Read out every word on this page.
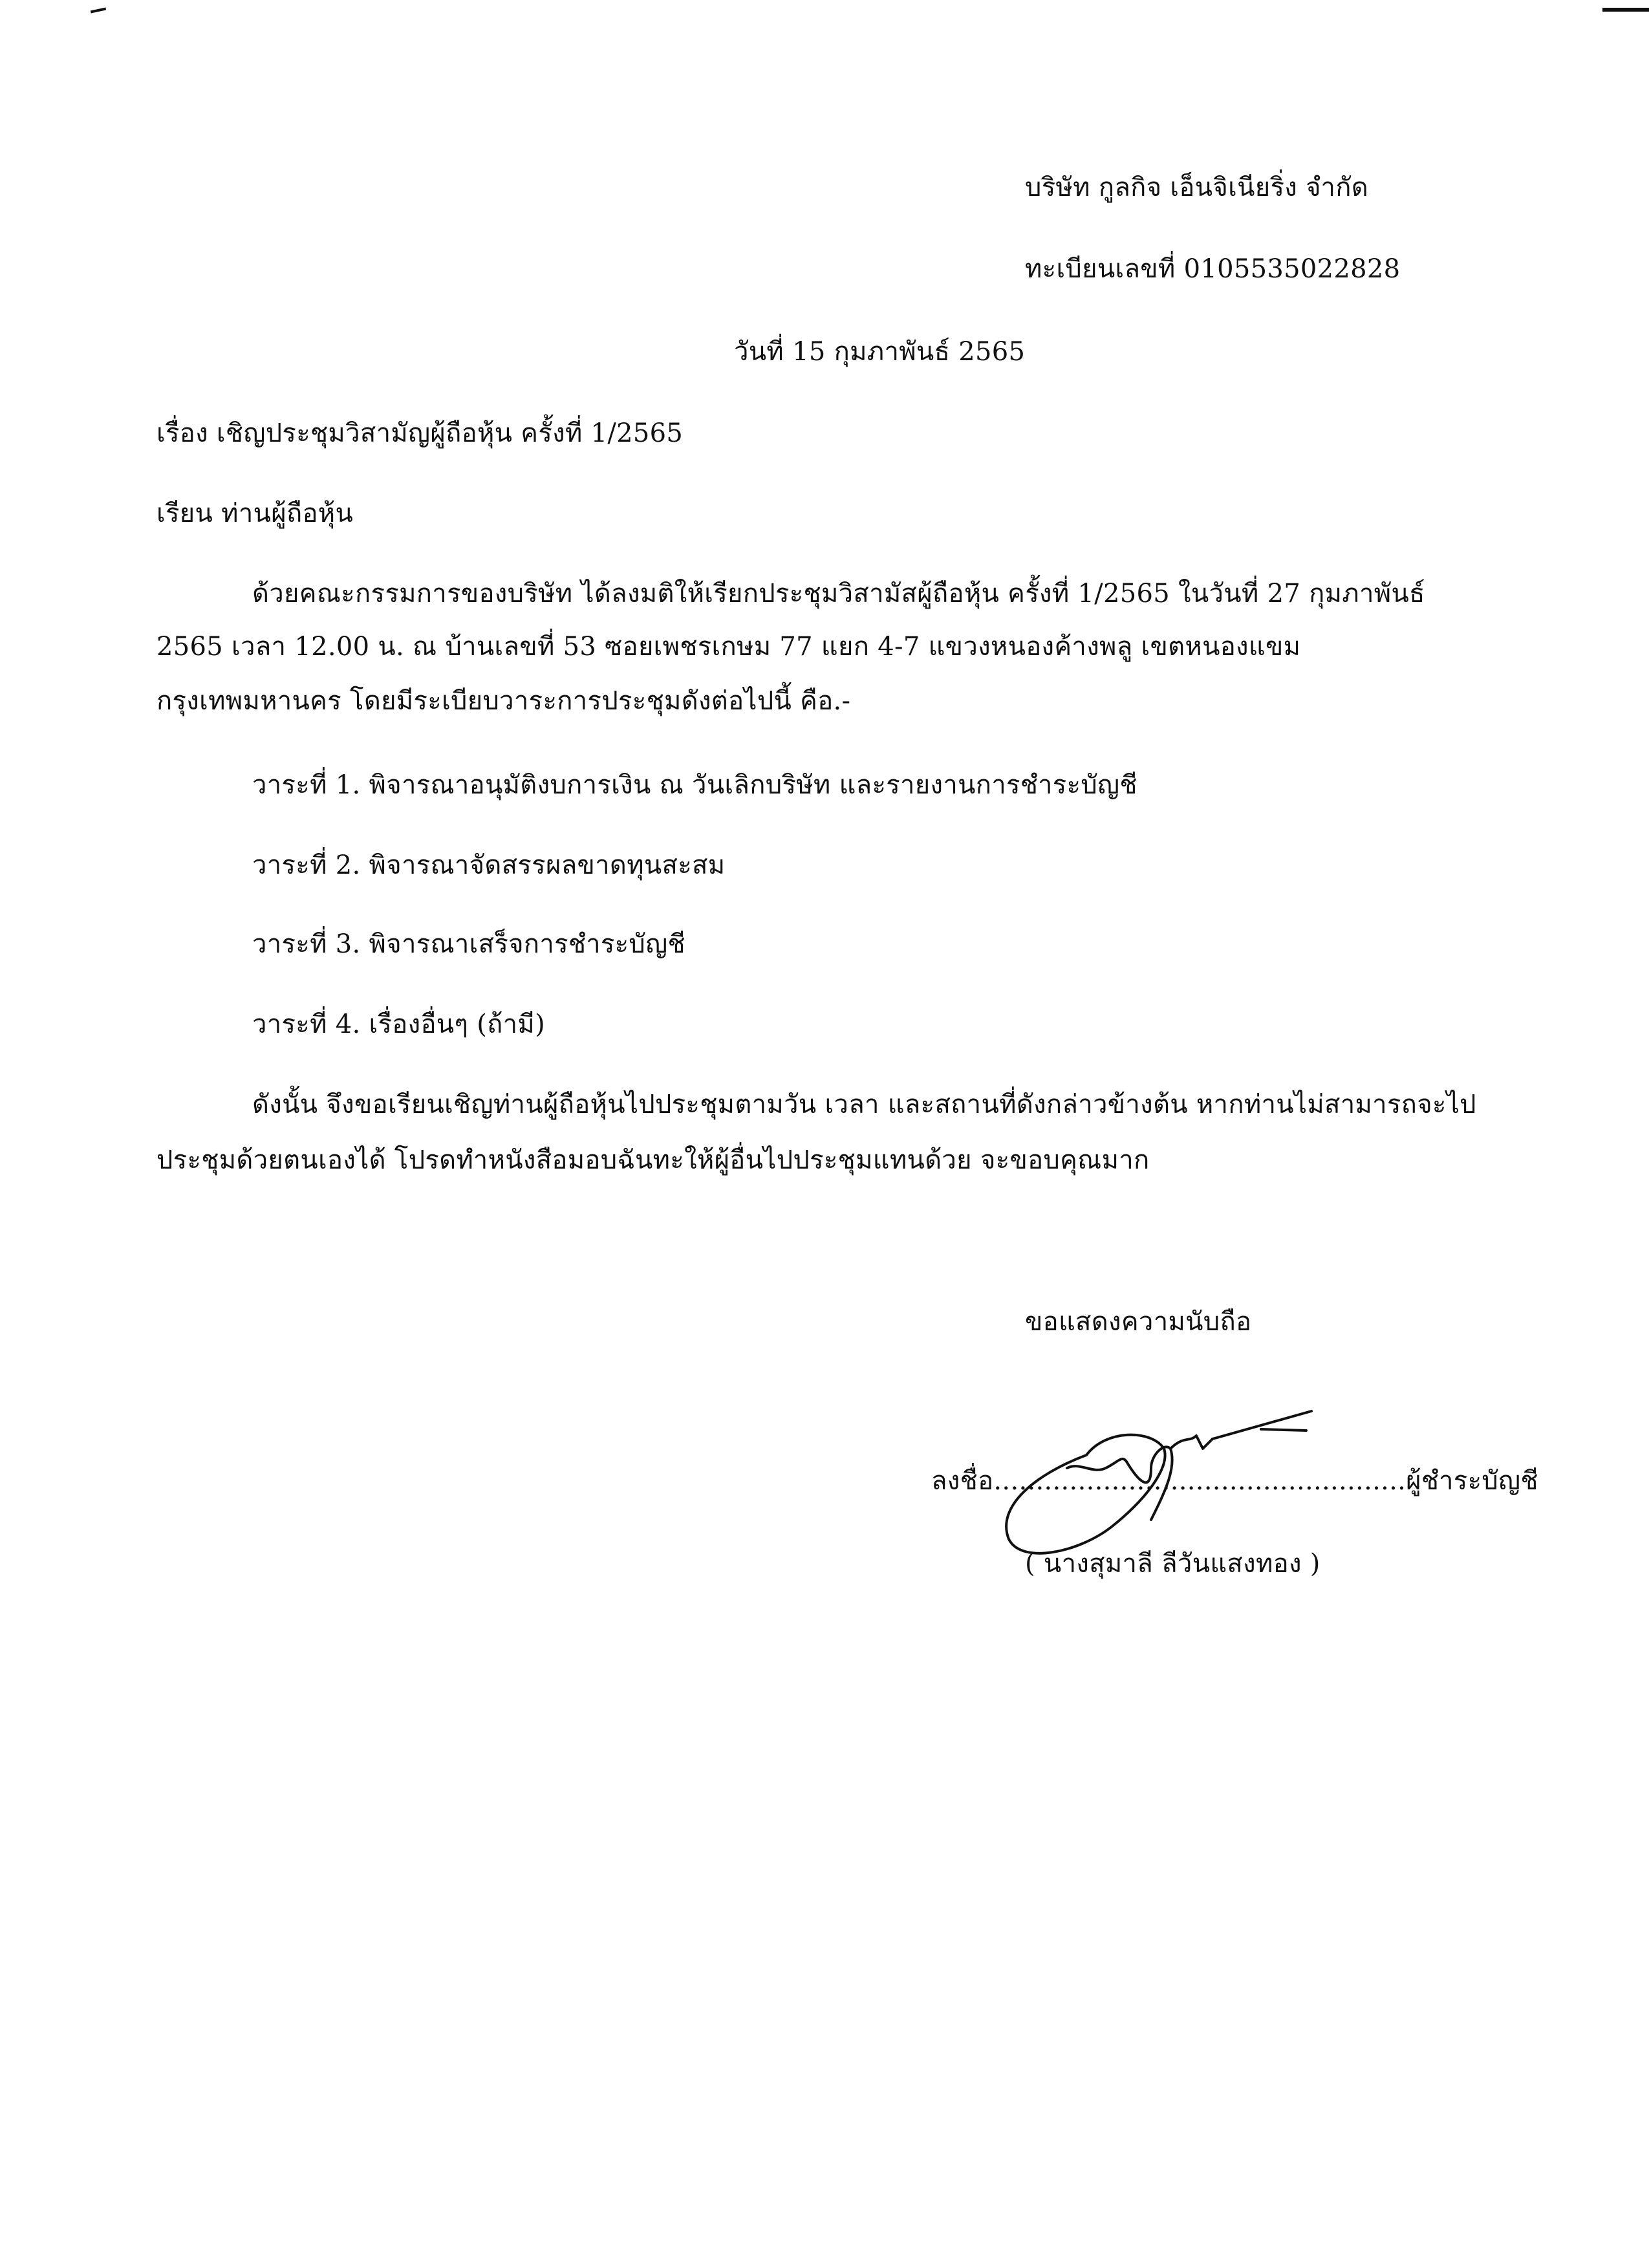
บริษัท กูลกิจ เอ็นจิเนียริ่ง จำกัด
ทะเบียนเลขที่ 0105535022828
วันที่ 15 กุมภาพันธ์ 2565
เรื่อง เชิญประชุมวิสามัญผู้ถือหุ้น ครั้งที่ 1/2565
เรียน ท่านผู้ถือหุ้น
ด้วยคณะกรรมการของบริษัท ได้ลงมติให้เรียกประชุมวิสามัสผู้ถือหุ้น ครั้งที่ 1/2565 ในวันที่ 27 กุมภาพันธ์
2565 เวลา 12.00 น. ณ บ้านเลขที่ 53 ซอยเพชรเกษม 77 แยก 4-7 แขวงหนองค้างพลู เขตหนองแขม
กรุงเทพมหานคร โดยมีระเบียบวาระการประชุมดังต่อไปนี้ คือ.-
วาระที่ 1. พิจารณาอนุมัติงบการเงิน ณ วันเลิกบริษัท และรายงานการชำระบัญชี
วาระที่ 2. พิจารณาจัดสรรผลขาดทุนสะสม
วาระที่ 3. พิจารณาเสร็จการชำระบัญชี
วาระที่ 4. เรื่องอื่นๆ (ถ้ามี)
ดังนั้น จึงขอเรียนเชิญท่านผู้ถือหุ้นไปประชุมตามวัน เวลา และสถานที่ดังกล่าวข้างต้น หากท่านไม่สามารถจะไป
ประชุมด้วยตนเองได้ โปรดทำหนังสือมอบฉันทะให้ผู้อื่นไปประชุมแทนด้วย จะขอบคุณมาก
ขอแสดงความนับถือ
ลงชื่อ.................................................ผู้ชำระบัญชี
( นางสุมาลี ลีวันแสงทอง )
